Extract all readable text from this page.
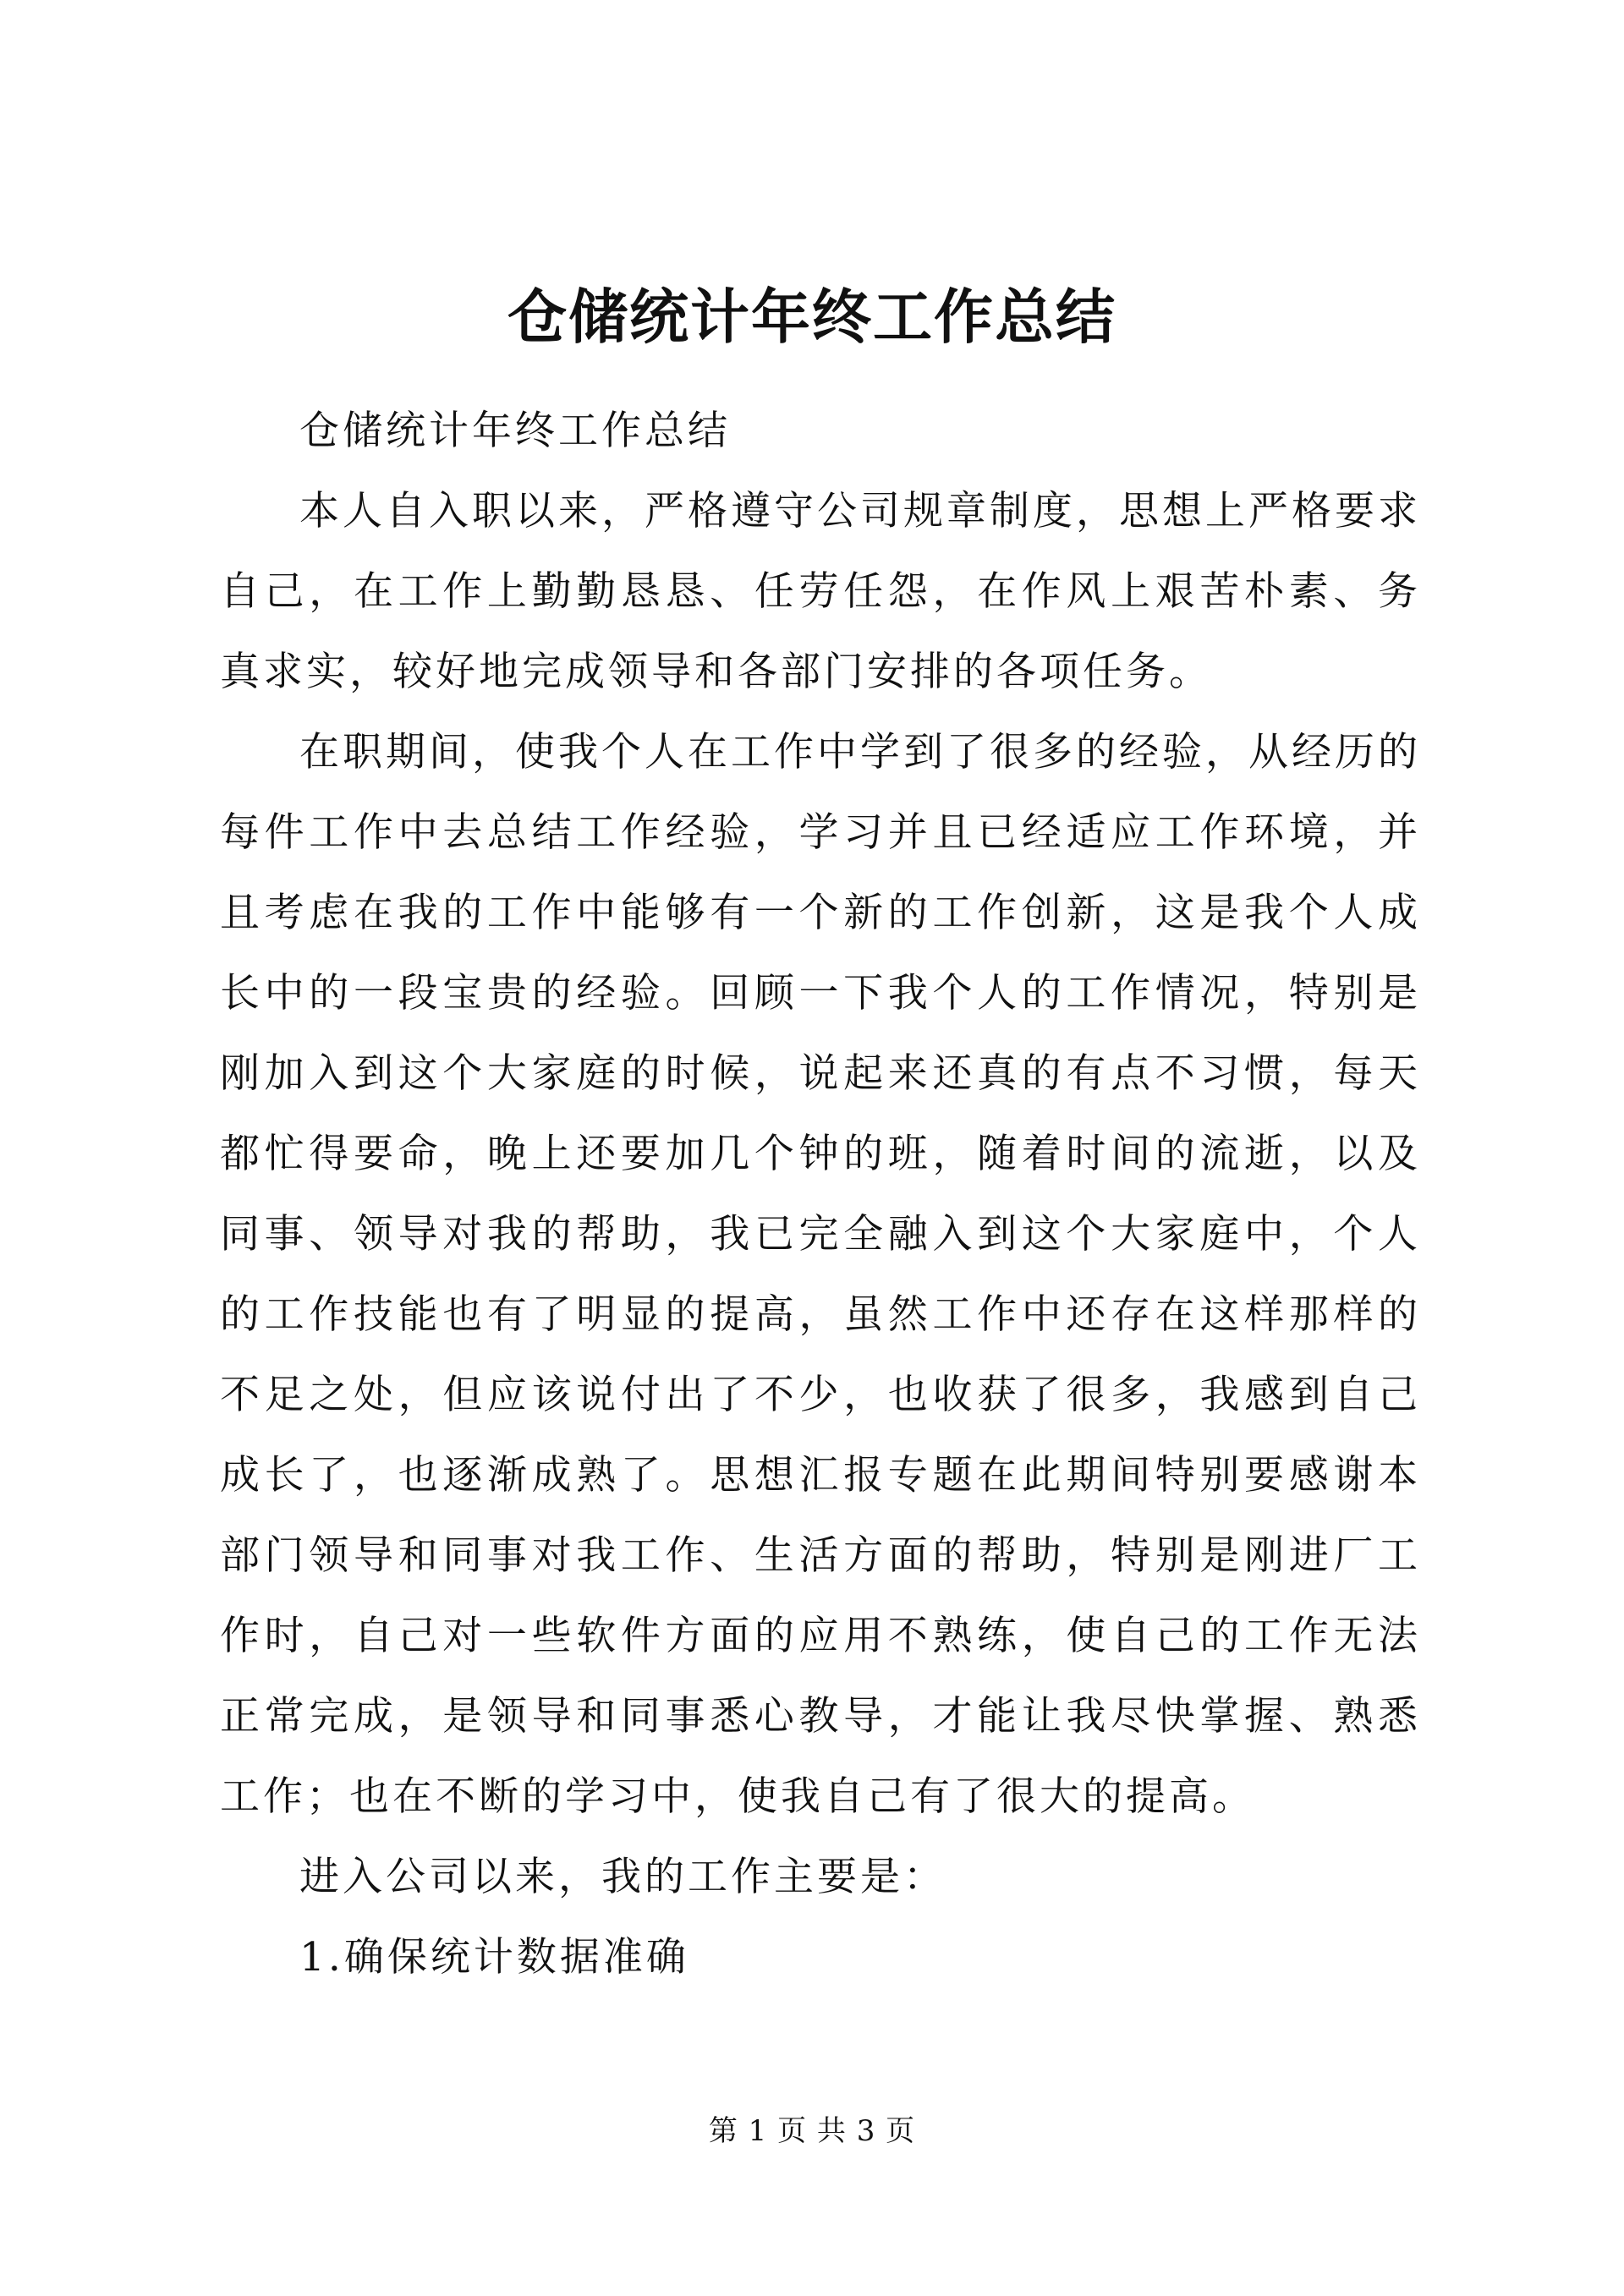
仓储统计年终工作总结

仓储统计年终工作总结

本人自入职以来，严格遵守公司规章制度，思想上严格要求自己，在工作上勤勤恳恳、任劳任怨，在作风上艰苦朴素、务真求实，较好地完成领导和各部门安排的各项任务。

在职期间，使我个人在工作中学到了很多的经验，从经历的每件工作中去总结工作经验，学习并且已经适应工作环境，并且考虑在我的工作中能够有一个新的工作创新，这是我个人成长中的一段宝贵的经验。回顾一下我个人的工作情况，特别是刚加入到这个大家庭的时候，说起来还真的有点不习惯，每天都忙得要命，晚上还要加几个钟的班，随着时间的流逝，以及同事、领导对我的帮助，我已完全融入到这个大家庭中，个人的工作技能也有了明显的提高，虽然工作中还存在这样那样的不足之处，但应该说付出了不少，也收获了很多，我感到自己成长了，也逐渐成熟了。思想汇报专题在此期间特别要感谢本部门领导和同事对我工作、生活方面的帮助，特别是刚进厂工作时，自己对一些软件方面的应用不熟练，使自己的工作无法正常完成，是领导和同事悉心教导，才能让我尽快掌握、熟悉工作；也在不断的学习中，使我自己有了很大的提高。

进入公司以来，我的工作主要是：

1.确保统计数据准确

第 1 页 共 3 页
